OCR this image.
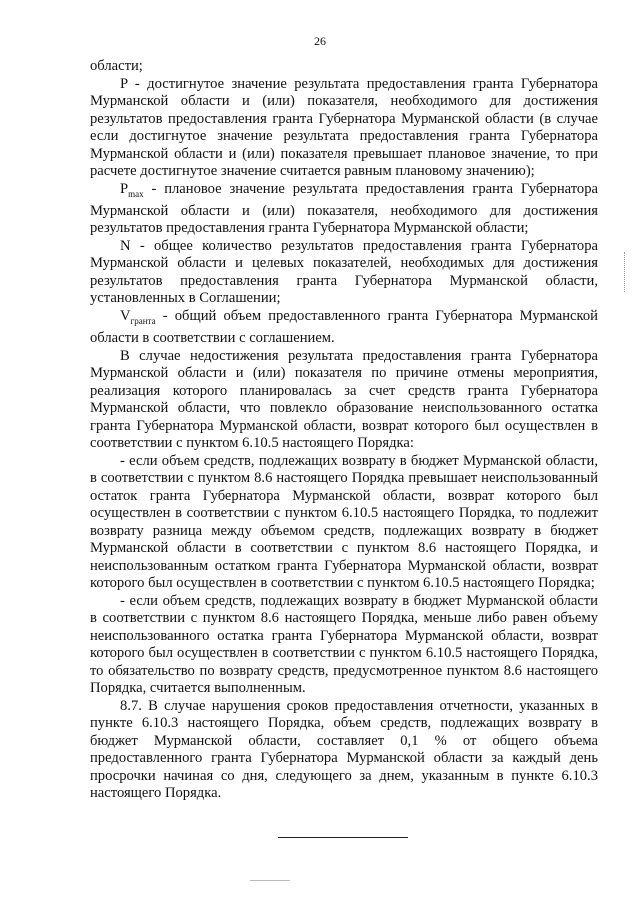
26

области;

P - достигнутое значение результата предоставления гранта Губернатора Мурманской области и (или) показателя, необходимого для достижения результатов предоставления гранта Губернатора Мурманской области (в случае если достигнутое значение результата предоставления гранта Губернатора Мурманской области и (или) показателя превышает плановое значение, то при расчете достигнутое значение считается равным плановому значению);

$P_{max}$ - плановое значение результата предоставления гранта Губернатора Мурманской области и (или) показателя, необходимого для достижения результатов предоставления гранта Губернатора Мурманской области;

N - общее количество результатов предоставления гранта Губернатора Мурманской области и целевых показателей, необходимых для достижения результатов предоставления гранта Губернатора Мурманской области, установленных в Соглашении;

$V_{гранта}$ - общий объем предоставленного гранта Губернатора Мурманской области в соответствии с соглашением.

В случае недостижения результата предоставления гранта Губернатора Мурманской области и (или) показателя по причине отмены мероприятия, реализация которого планировалась за счет средств гранта Губернатора Мурманской области, что повлекло образование неиспользованного остатка гранта Губернатора Мурманской области, возврат которого был осуществлен в соответствии с пунктом 6.10.5 настоящего Порядка:

- если объем средств, подлежащих возврату в бюджет Мурманской области, в соответствии с пунктом 8.6 настоящего Порядка превышает неиспользованный остаток гранта Губернатора Мурманской области, возврат которого был осуществлен в соответствии с пунктом 6.10.5 настоящего Порядка, то подлежит возврату разница между объемом средств, подлежащих возврату в бюджет Мурманской области в соответствии с пунктом 8.6 настоящего Порядка, и неиспользованным остатком гранта Губернатора Мурманской области, возврат которого был осуществлен в соответствии с пунктом 6.10.5 настоящего Порядка;

- если объем средств, подлежащих возврату в бюджет Мурманской области в соответствии с пунктом 8.6 настоящего Порядка, меньше либо равен объему неиспользованного остатка гранта Губернатора Мурманской области, возврат которого был осуществлен в соответствии с пунктом 6.10.5 настоящего Порядка, то обязательство по возврату средств, предусмотренное пунктом 8.6 настоящего Порядка, считается выполненным.

8.7. В случае нарушения сроков предоставления отчетности, указанных в пункте 6.10.3 настоящего Порядка, объем средств, подлежащих возврату в бюджет Мурманской области, составляет 0,1 % от общего объема предоставленного гранта Губернатора Мурманской области за каждый день просрочки начиная со дня, следующего за днем, указанным в пункте 6.10.3 настоящего Порядка.
